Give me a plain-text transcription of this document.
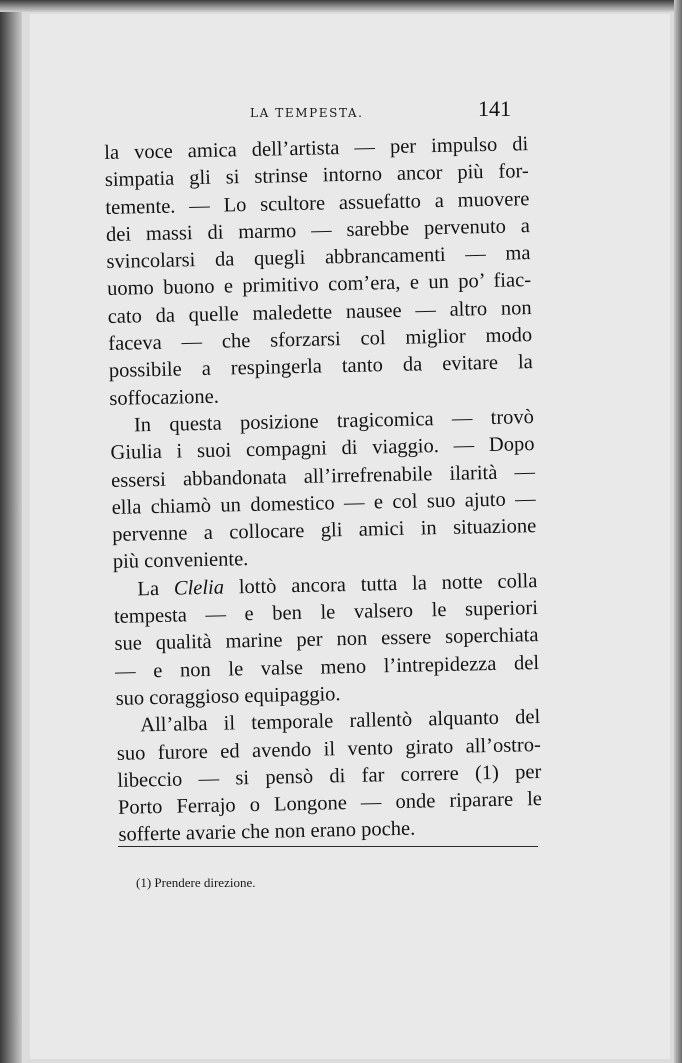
LA TEMPESTA.	141
la voce amica dell’artista — per impulso di
simpatia gli si strinse intorno ancor più for-
temente. — Lo scultore assuefatto a muovere
dei massi di marmo — sarebbe pervenuto a
svincolarsi da quegli abbrancamenti — ma
uomo buono e primitivo com’era, e un po’ fiac-
cato da quelle maledette nausee — altro non
faceva — che sforzarsi col miglior modo
possibile a respingerla tanto da evitare la
soffocazione.
In questa posizione tragicomica — trovò
Giulia i suoi compagni di viaggio. — Dopo
essersi abbandonata all’irrefrenabile ilarità —
ella chiamò un domestico — e col suo ajuto —
pervenne a collocare gli amici in situazione
più conveniente.
La Clelia lottò ancora tutta la notte colla
tempesta — e ben le valsero le superiori
sue qualità marine per non essere soperchiata
— e non le valse meno l’intrepidezza del
suo coraggioso equipaggio.
All’alba il temporale rallentò alquanto del
suo furore ed avendo il vento girato all’ostro-
libeccio — si pensò di far correre (1) per
Porto Ferrajo o Longone — onde riparare le
sofferte avarie che non erano poche.
(1) Prendere direzione.
